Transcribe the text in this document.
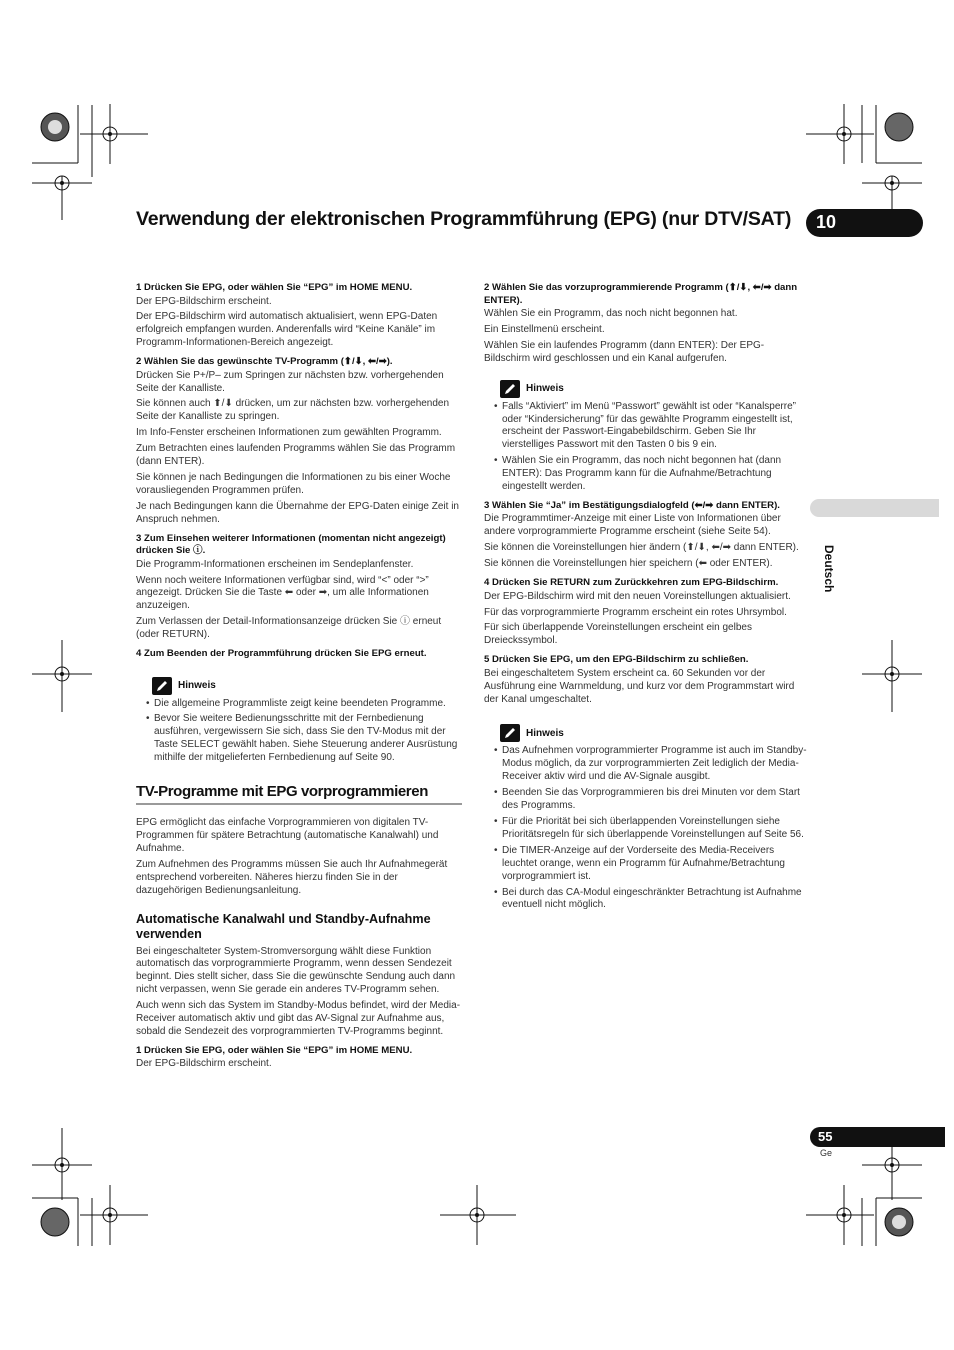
Verwendung der elektronischen Programmführung (EPG) (nur DTV/SAT) 10
Deutsch
1 Drücken Sie EPG, oder wählen Sie “EPG” im HOME MENU.

Der EPG-Bildschirm erscheint.

Der EPG-Bildschirm wird automatisch aktualisiert, wenn EPG-Daten erfolgreich empfangen wurden. Anderenfalls wird “Keine Kanäle” im Programm-Informationen-Bereich angezeigt.

2 Wählen Sie das gewünschte TV-Programm (⬆/⬇, ⬅/➡).

Drücken Sie P+/P– zum Springen zur nächsten bzw. vorhergehenden Seite der Kanalliste.

Sie können auch ⬆/⬇ drücken, um zur nächsten bzw. vorhergehenden Seite der Kanalliste zu springen.

Im Info-Fenster erscheinen Informationen zum gewählten Programm.

Zum Betrachten eines laufenden Programms wählen Sie das Programm (dann ENTER).

Sie können je nach Bedingungen die Informationen zu bis einer Woche vorausliegenden Programmen prüfen.

Je nach Bedingungen kann die Übernahme der EPG-Daten einige Zeit in Anspruch nehmen.

3 Zum Einsehen weiterer Informationen (momentan nicht angezeigt) drücken Sie ⓘ.

Die Programm-Informationen erscheinen im Sendeplanfenster.

Wenn noch weitere Informationen verfügbar sind, wird “<” oder “>” angezeigt. Drücken Sie die Taste ⬅ oder ➡, um alle Informationen anzuzeigen.

Zum Verlassen der Detail-Informationsanzeige drücken Sie ⓘ erneut (oder RETURN).

4 Zum Beenden der Programmführung drücken Sie EPG erneut.
Hinweis
• Die allgemeine Programmliste zeigt keine beendeten Programme.
• Bevor Sie weitere Bedienungsschritte mit der Fernbedienung ausführen, vergewissern Sie sich, dass Sie den TV-Modus mit der Taste SELECT gewählt haben. Siehe Steuerung anderer Ausrüstung mithilfe der mitgelieferten Fernbedienung auf Seite 90.
TV-Programme mit EPG vorprogrammieren

EPG ermöglicht das einfache Vorprogrammieren von digitalen TV-Programmen für spätere Betrachtung (automatische Kanalwahl) und Aufnahme.

Zum Aufnehmen des Programms müssen Sie auch Ihr Aufnahmegerät entsprechend vorbereiten. Näheres hierzu finden Sie in der dazugehörigen Bedienungsanleitung.

Automatische Kanalwahl und Standby-Aufnahme verwenden

Bei eingeschalteter System-Stromversorgung wählt diese Funktion automatisch das vorprogrammierte Programm, wenn dessen Sendezeit beginnt. Dies stellt sicher, dass Sie die gewünschte Sendung auch dann nicht verpassen, wenn Sie gerade ein anderes TV-Programm sehen.

Auch wenn sich das System im Standby-Modus befindet, wird der Media-Receiver automatisch aktiv und gibt das AV-Signal zur Aufnahme aus, sobald die Sendezeit des vorprogrammierten TV-Programms beginnt.

1 Drücken Sie EPG, oder wählen Sie “EPG” im HOME MENU.

Der EPG-Bildschirm erscheint.

2 Wählen Sie das vorzuprogrammierende Programm (⬆/⬇, ⬅/➡ dann ENTER).

Wählen Sie ein Programm, das noch nicht begonnen hat.

Ein Einstellmenü erscheint.

Wählen Sie ein laufendes Programm (dann ENTER): Der EPG-Bildschirm wird geschlossen und ein Kanal aufgerufen.

Hinweis
• Falls “Aktiviert” im Menü “Passwort” gewählt ist oder “Kanalsperre” oder “Kindersicherung” für das gewählte Programm eingestellt ist, erscheint der Passwort-Eingabebildschirm. Geben Sie Ihr vierstelliges Passwort mit den Tasten 0 bis 9 ein.
• Wählen Sie ein Programm, das noch nicht begonnen hat (dann ENTER): Das Programm kann für die Aufnahme/Betrachtung eingestellt werden.
3 Wählen Sie “Ja” im Bestätigungsdialogfeld (⬅/➡ dann ENTER).

Die Programmtimer-Anzeige mit einer Liste von Informationen über andere vorprogrammierte Programme erscheint (siehe Seite 54).

Sie können die Voreinstellungen hier ändern (⬆/⬇, ⬅/➡ dann ENTER).

Sie können die Voreinstellungen hier speichern (⬅ oder ENTER).

4 Drücken Sie RETURN zum Zurückkehren zum EPG-Bildschirm.

Der EPG-Bildschirm wird mit den neuen Voreinstellungen aktualisiert.

Für das vorprogrammierte Programm erscheint ein rotes Uhrsymbol.

Für sich überlappende Voreinstellungen erscheint ein gelbes Dreieckssymbol.

5 Drücken Sie EPG, um den EPG-Bildschirm zu schließen.

Bei eingeschaltetem System erscheint ca. 60 Sekunden vor der Ausführung eine Warnmeldung, und kurz vor dem Programmstart wird der Kanal umgeschaltet.

Hinweis
• Das Aufnehmen vorprogrammierter Programme ist auch im Standby-Modus möglich, da zur vorprogrammierten Zeit lediglich der Media-Receiver aktiv wird und die AV-Signale ausgibt.
• Beenden Sie das Vorprogrammieren bis drei Minuten vor dem Start des Programms.
• Für die Priorität bei sich überlappenden Voreinstellungen siehe Prioritätsregeln für sich überlappende Voreinstellungen auf Seite 56.
• Die TIMER-Anzeige auf der Vorderseite des Media-Receivers leuchtet orange, wenn ein Programm für Aufnahme/Betrachtung vorprogrammiert ist.
• Bei durch das CA-Modul eingeschränkter Betrachtung ist Aufnahme eventuell nicht möglich.
55
Ge
